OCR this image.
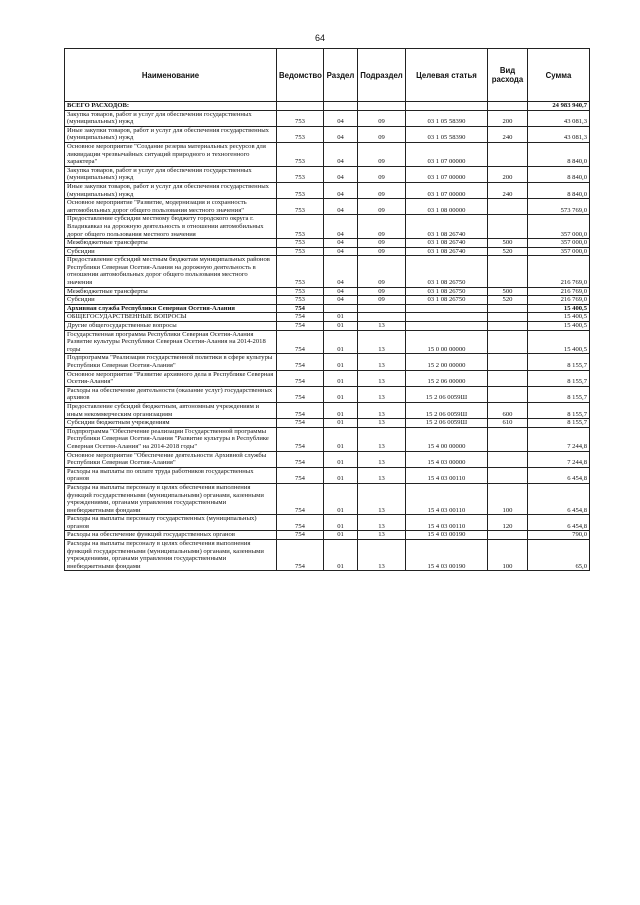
64
Наименование	Ведомство	Раздел	Подраздел	Целевая статья	Вид расхода	Сумма
ВСЕГО РАСХОДОВ:						24 983 940,7
Закупка товаров, работ и услуг для обеспечения государственных (муниципальных) нужд	753	04	09	03 1 05 58390	200	43 081,3
Иные закупки товаров, работ и услуг для обеспечения государственных (муниципальных) нужд	753	04	09	03 1 05 58390	240	43 081,3
Основное мероприятие "Создание резерва материальных ресурсов для ликвидации чрезвычайных ситуаций природного и техногенного характера"	753	04	09	03 1 07 00000		8 840,0
Закупка товаров, работ и услуг для обеспечения государственных (муниципальных) нужд	753	04	09	03 1 07 00000	200	8 840,0
Иные закупки товаров, работ и услуг для обеспечения государственных (муниципальных) нужд	753	04	09	03 1 07 00000	240	8 840,0
Основное мероприятие "Развитие, модернизация и сохранность автомобильных дорог общего пользования местного значения"	753	04	09	03 1 08 00000		573 769,0
Предоставление субсидии местному бюджету городского округа г. Владикавказ на дорожную деятельность в отношении автомобильных дорог общего пользования местного значения	753	04	09	03 1 08 26740		357 000,0
Межбюджетные трансферты	753	04	09	03 1 08 26740	500	357 000,0
Субсидии	753	04	09	03 1 08 26740	520	357 000,0
Предоставление субсидий местным бюджетам муниципальных районов Республики Северная Осетия-Алания на дорожную деятельность в отношении автомобильных дорог общего пользования местного значения	753	04	09	03 1 08 26750		216 769,0
Межбюджетные трансферты	753	04	09	03 1 08 26750	500	216 769,0
Субсидии	753	04	09	03 1 08 26750	520	216 769,0
Архивная служба Республики Северная Осетия-Алания	754					15 400,5
ОБЩЕГОСУДАРСТВЕННЫЕ ВОПРОСЫ	754	01				15 400,5
Другие общегосударственные вопросы	754	01	13			15 400,5
Государственная программа Республики Северная Осетия-Алания Развитие культуры Республики Северная Осетия-Алания на 2014-2018 годы	754	01	13	15 0 00 00000		15 400,5
Подпрограмма "Реализация государственной политики в сфере культуры Республики Северная Осетия-Алания"	754	01	13	15 2 00 00000		8 155,7
Основное мероприятие "Развитие архивного дела в Республике Северная Осетия-Алания"	754	01	13	15 2 06 00000		8 155,7
Расходы на обеспечение деятельности (оказание услуг) государственных архивов	754	01	13	15 2 06 0059Ш		8 155,7
Предоставление субсидий бюджетным, автономным учреждениям и иным некоммерческим организациям	754	01	13	15 2 06 0059Ш	600	8 155,7
Субсидии бюджетным учреждениям	754	01	13	15 2 06 0059Ш	610	8 155,7
Подпрограмма "Обеспечение реализации Государственной программы Республики Северная Осетия-Алания "Развитие культуры в Республике Северная Осетия-Алания" на 2014-2018 годы"	754	01	13	15 4 00 00000		7 244,8
Основное мероприятие "Обеспечение деятельности Архивной службы Республики Северная Осетия-Алания"	754	01	13	15 4 03 00000		7 244,8
Расходы на выплаты по оплате труда работников государственных органов	754	01	13	15 4 03 00110		6 454,8
Расходы на выплаты персоналу в целях обеспечения выполнения функций государственными (муниципальными) органами, казенными учреждениями, органами управления государственными внебюджетными фондами	754	01	13	15 4 03 00110	100	6 454,8
Расходы на выплаты персоналу государственных (муниципальных) органов	754	01	13	15 4 03 00110	120	6 454,8
Расходы на обеспечение функций государственных органов	754	01	13	15 4 03 00190		790,0
Расходы на выплаты персоналу в целях обеспечения выполнения функций государственными (муниципальными) органами, казенными учреждениями, органами управления государственными внебюджетными фондами	754	01	13	15 4 03 00190	100	65,0
